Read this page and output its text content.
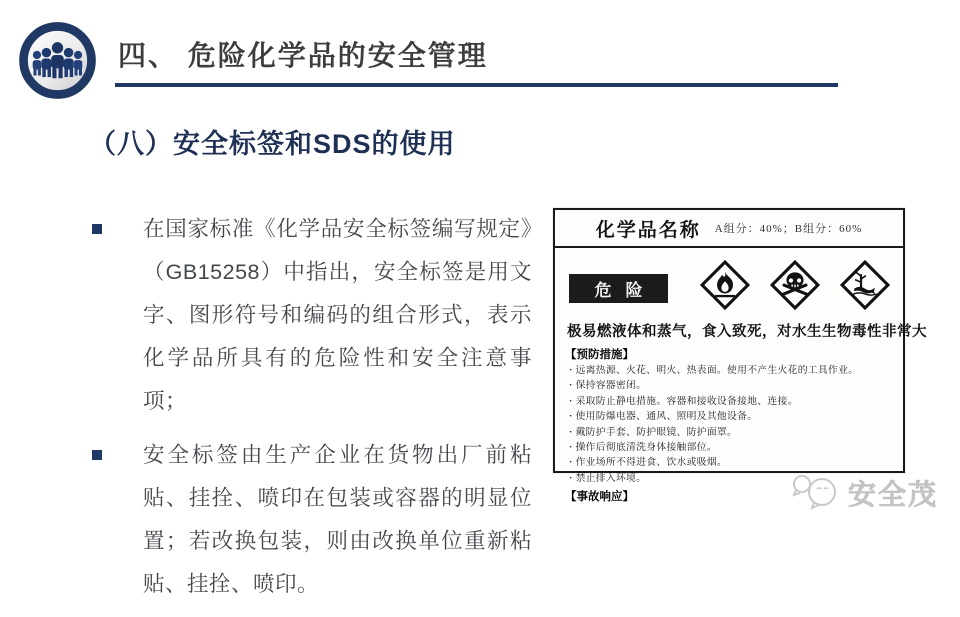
四、 危险化学品的安全管理
（八）安全标签和SDS的使用
在国家标准《化学品安全标签编写规定》（GB15258）中指出，安全标签是用文字、图形符号和编码的组合形式，表示化学品所具有的危险性和安全注意事项；
安全标签由生产企业在货物出厂前粘贴、挂拴、喷印在包装或容器的明显位置；若改换包装，则由改换单位重新粘贴、挂拴、喷印。
化学品名称 A组分：40%；B组分：60%
危险
极易燃液体和蒸气，食入致死，对水生生物毒性非常大
【预防措施】
· 远离热源、火花、明火、热表面。使用不产生火花的工具作业。
· 保持容器密闭。
· 采取防止静电措施。容器和接收设备接地、连接。
· 使用防爆电器、通风、照明及其他设备。
· 戴防护手套、防护眼镜、防护面罩。
· 操作后彻底清洗身体接触部位。
· 作业场所不得进食、饮水或吸烟。
· 禁止排入环境。
【事故响应】	安全茂
